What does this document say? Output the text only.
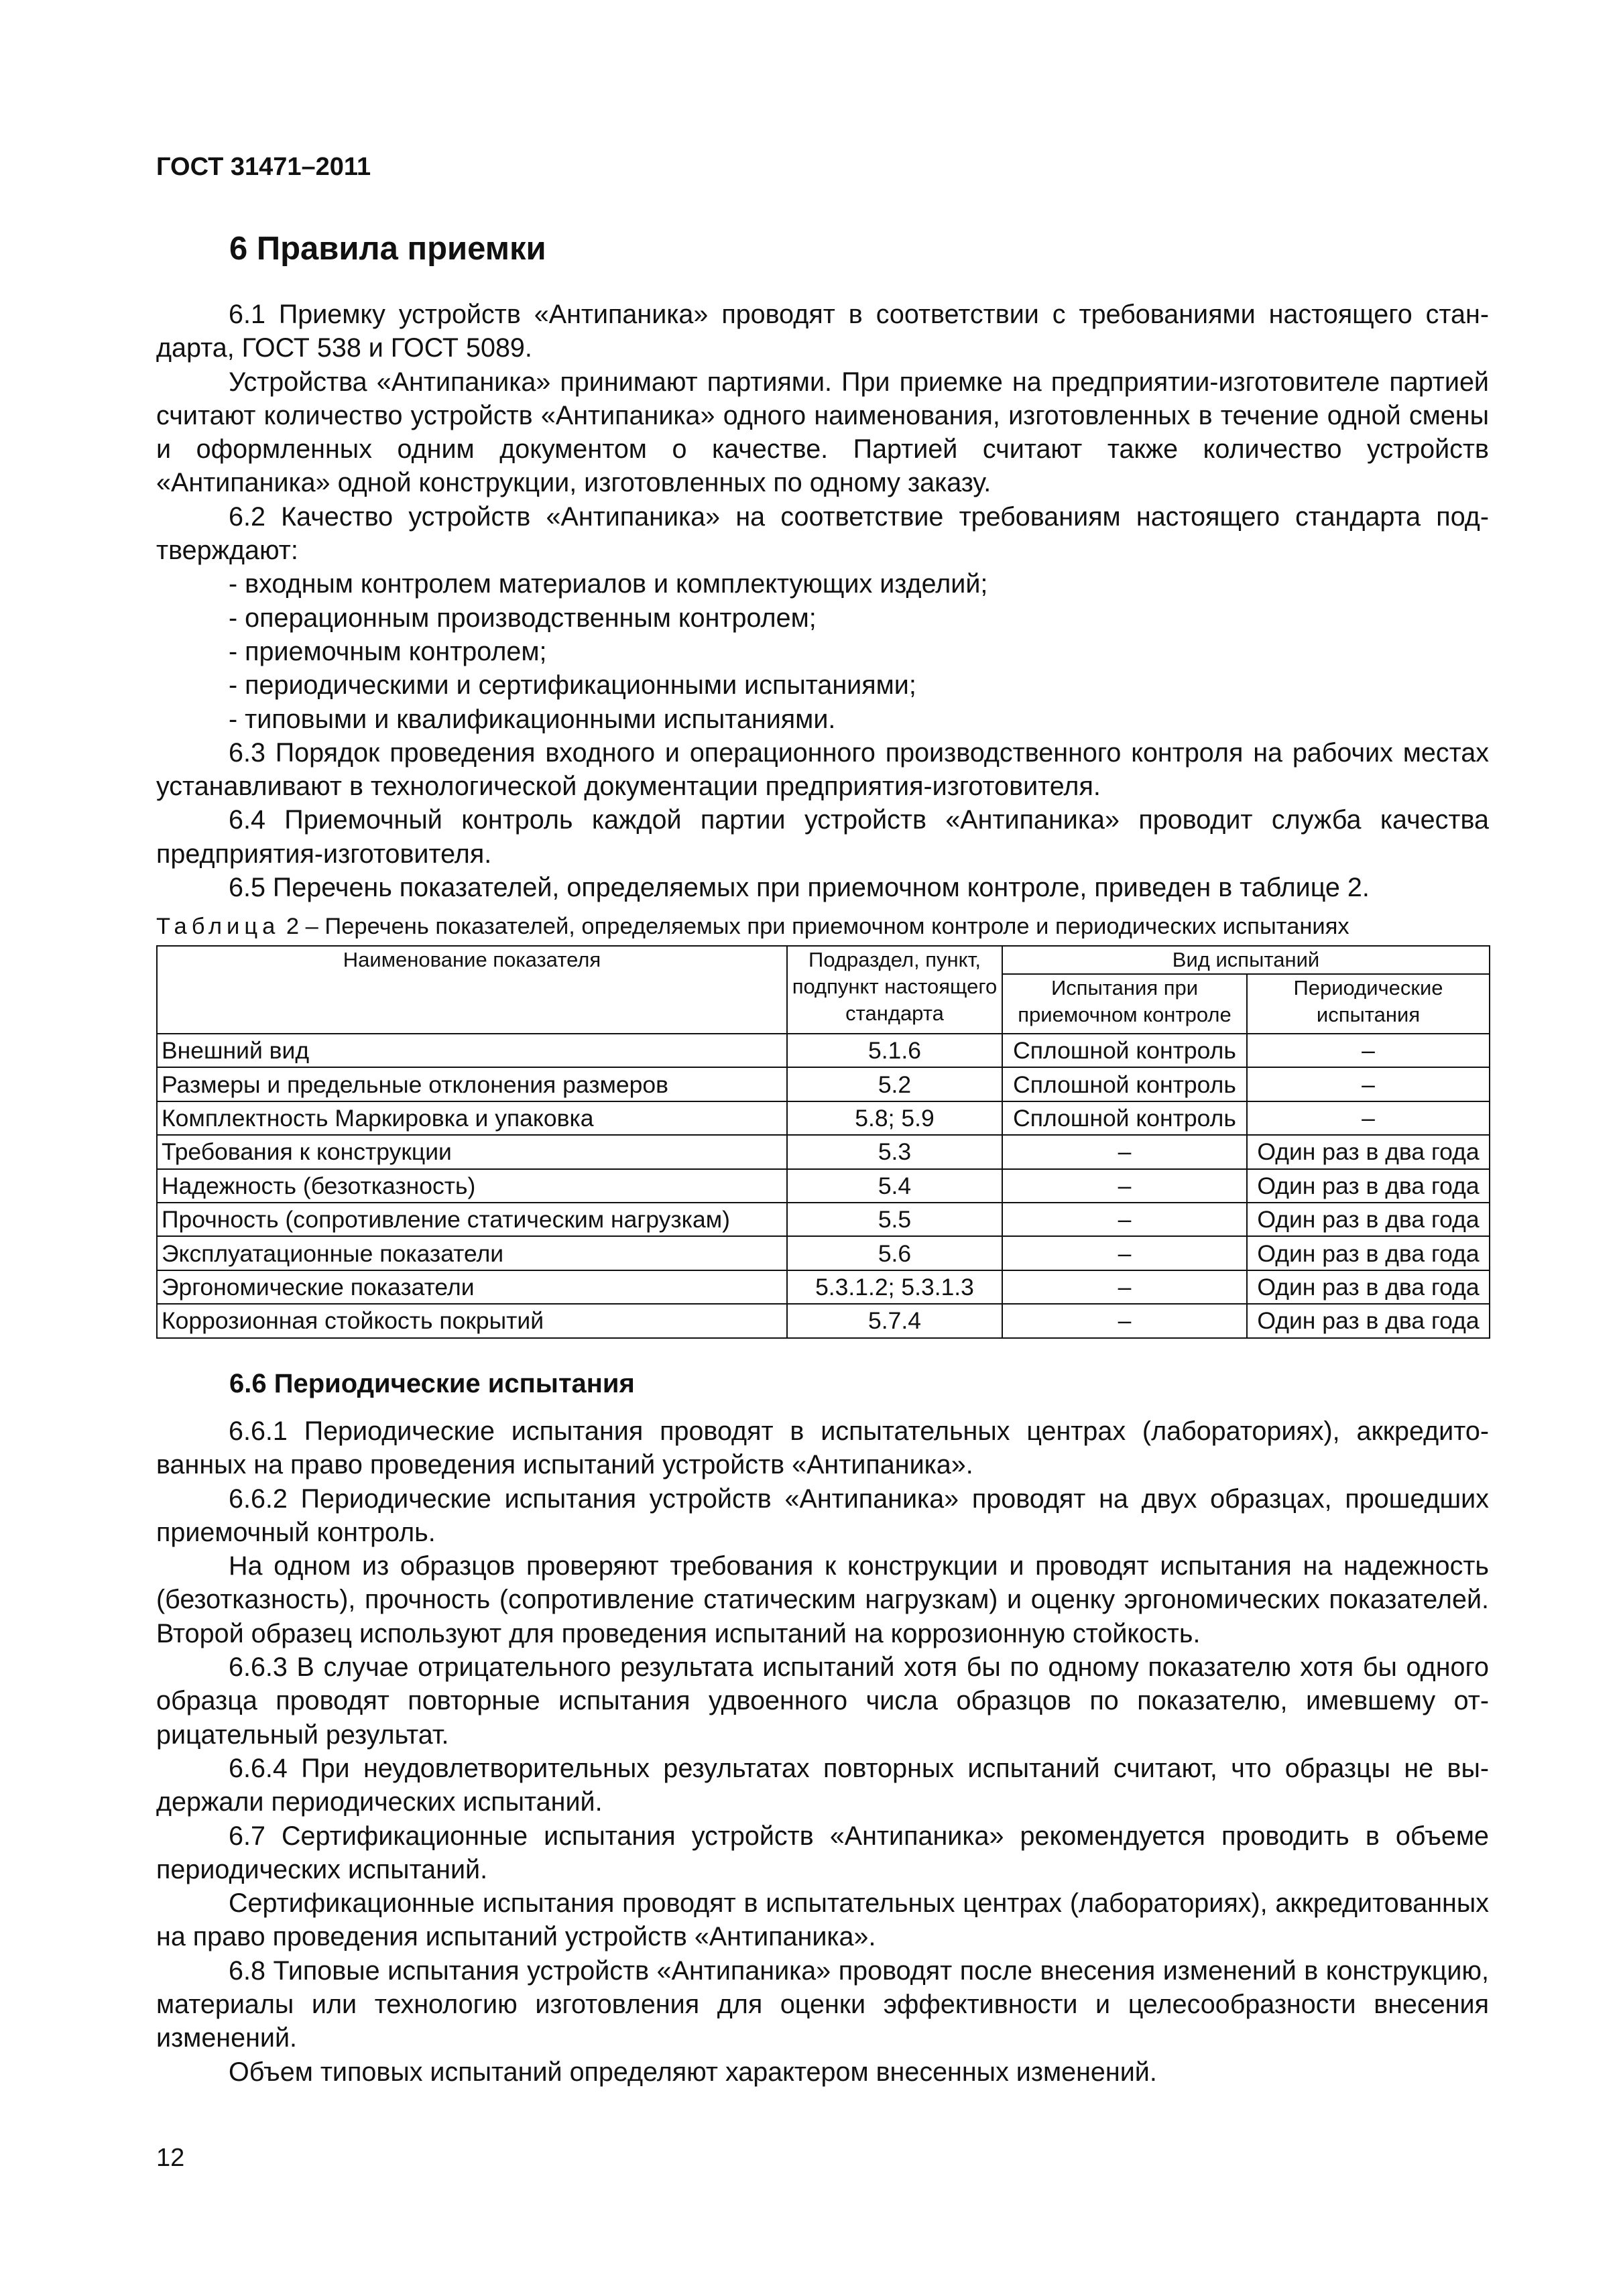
ГОСТ 31471–2011

6 Правила приемки

6.1 Приемку устройств «Антипаника» проводят в соответствии с требованиями настоящего стандарта, ГОСТ 538 и ГОСТ 5089.

Устройства «Антипаника» принимают партиями. При приемке на предприятии-изготовителе партией считают количество устройств «Антипаника» одного наименования, изготовленных в течение одной смены и оформленных одним документом о качестве. Партией считают также количество устройств «Антипаника» одной конструкции, изготовленных по одному заказу.

6.2 Качество устройств «Антипаника» на соответствие требованиям настоящего стандарта подтверждают:

- входным контролем материалов и комплектующих изделий;

- операционным производственным контролем;

- приемочным контролем;

- периодическими и сертификационными испытаниями;

- типовыми и квалификационными испытаниями.

6.3 Порядок проведения входного и операционного производственного контроля на рабочих местах устанавливают в технологической документации предприятия-изготовителя.

6.4 Приемочный контроль каждой партии устройств «Антипаника» проводит служба качества предприятия-изготовителя.

6.5 Перечень показателей, определяемых при приемочном контроле, приведен в таблице 2.

Таблица 2 – Перечень показателей, определяемых при приемочном контроле и периодических испытаниях

Наименование показателя	Подраздел, пункт, подпункт настоящего стандарта	Вид испытаний	
		Испытания при приемочном контроле	Периодические испытания
Внешний вид	5.1.6	Сплошной контроль	–
Размеры и предельные отклонения размеров	5.2	Сплошной контроль	–
Комплектность Маркировка и упаковка	5.8; 5.9	Сплошной контроль	–
Требования к конструкции	5.3	–	Один раз в два года
Надежность (безотказность)	5.4	–	Один раз в два года
Прочность (сопротивление статическим нагрузкам)	5.5	–	Один раз в два года
Эксплуатационные показатели	5.6	–	Один раз в два года
Эргономические показатели	5.3.1.2; 5.3.1.3	–	Один раз в два года
Коррозионная стойкость покрытий	5.7.4	–	Один раз в два года
6.6 Периодические испытания

6.6.1 Периодические испытания проводят в испытательных центрах (лабораториях), аккредитованных на право проведения испытаний устройств «Антипаника».

6.6.2 Периодические испытания устройств «Антипаника» проводят на двух образцах, прошедших приемочный контроль.

На одном из образцов проверяют требования к конструкции и проводят испытания на надежность (безотказность), прочность (сопротивление статическим нагрузкам) и оценку эргономических показателей. Второй образец используют для проведения испытаний на коррозионную стойкость.

6.6.3 В случае отрицательного результата испытаний хотя бы по одному показателю хотя бы одного образца проводят повторные испытания удвоенного числа образцов по показателю, имевшему отрицательный результат.

6.6.4 При неудовлетворительных результатах повторных испытаний считают, что образцы не выдержали периодических испытаний.

6.7 Сертификационные испытания устройств «Антипаника» рекомендуется проводить в объеме периодических испытаний.

Сертификационные испытания проводят в испытательных центрах (лабораториях), аккредитованных на право проведения испытаний устройств «Антипаника».

6.8 Типовые испытания устройств «Антипаника» проводят после внесения изменений в конструкцию, материалы или технологию изготовления для оценки эффективности и целесообразности внесения изменений.

Объем типовых испытаний определяют характером внесенных изменений.

12
